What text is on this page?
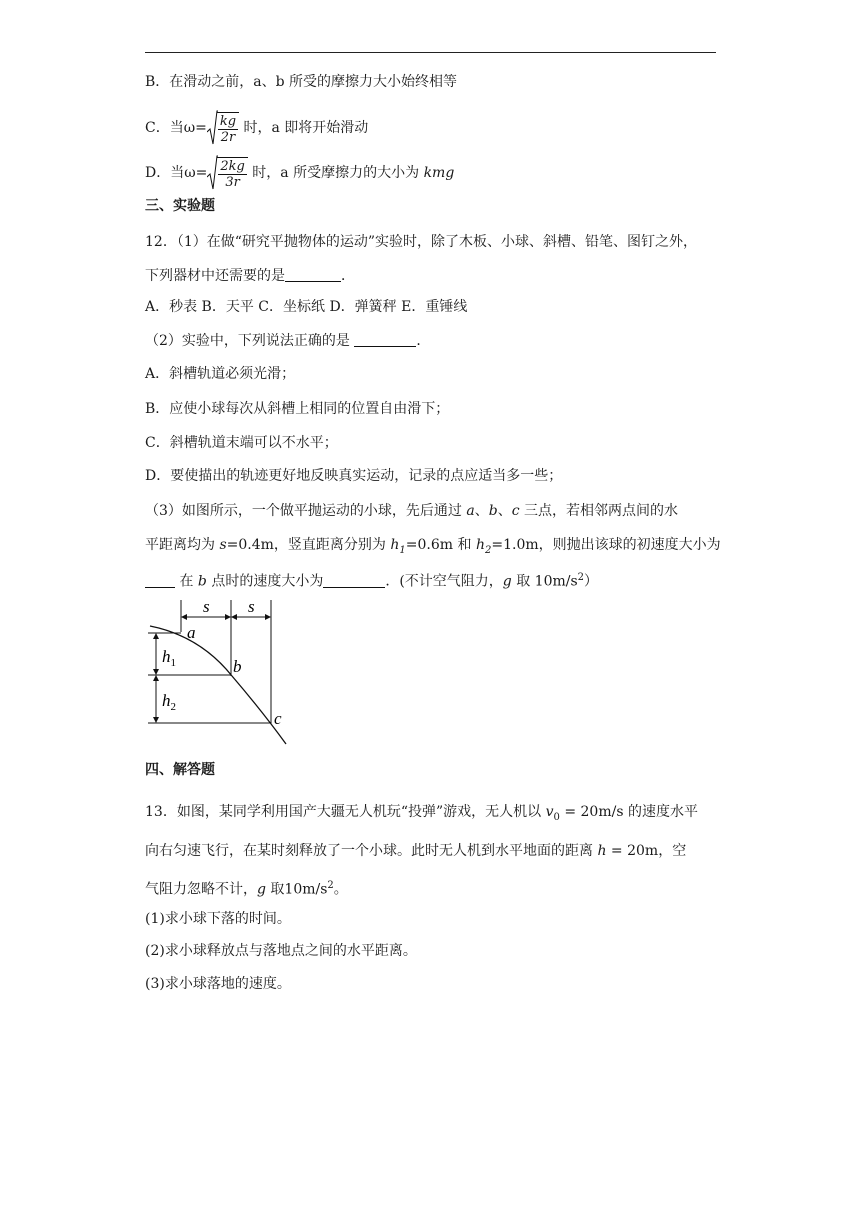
B．在滑动之前，a、b 所受的摩擦力大小始终相等
C．当$\omega= \frac{kg}{2r}$ 时，a 即将开始滑动
D．当$\omega= \frac{2kg}{3r}$ 时，a 所受摩擦力的大小为 kmg
三、实验题
12．（1）在做“研究平抛物体的运动”实验时，除了木板、小球、斜槽、铅笔、图钉之外，
下列器材中还需要的是	．
A．秒表 B．天平 C．坐标纸 D．弹簧秤 E．重锤线
（2）实验中，下列说法正确的是	．
A．斜槽轨道必须光滑；
B．应使小球每次从斜槽上相同的位置自由滑下；
C．斜槽轨道末端可以不水平；
D．要使描出的轨迹更好地反映真实运动，记录的点应适当多一些；
（3）如图所示，一个做平抛运动的小球，先后通过 a、b、c 三点，若相邻两点间的水
平距离均为 s=0.4m，竖直距离分别为 $h_1=0.6m$ 和 $h_2=1.0m$，则抛出该球的初速度大小为
在 b 点时的速度大小为	．(不计空气阻力，g 取 $10m/s^2$）
s s
$h_1$
$h_2$
a
b
c
四、解答题
13．如图，某同学利用国产大疆无人机玩“投弹”游戏，无人机以 $v_0 = 20m/s$ 的速度水平
向右匀速飞行，在某时刻释放了一个小球。此时无人机到水平地面的距离 h = 20m，空
气阻力忽略不计，g 取$10m/s^2$。
(1)求小球下落的时间。
(2)求小球释放点与落地点之间的水平距离。
(3)求小球落地的速度。
